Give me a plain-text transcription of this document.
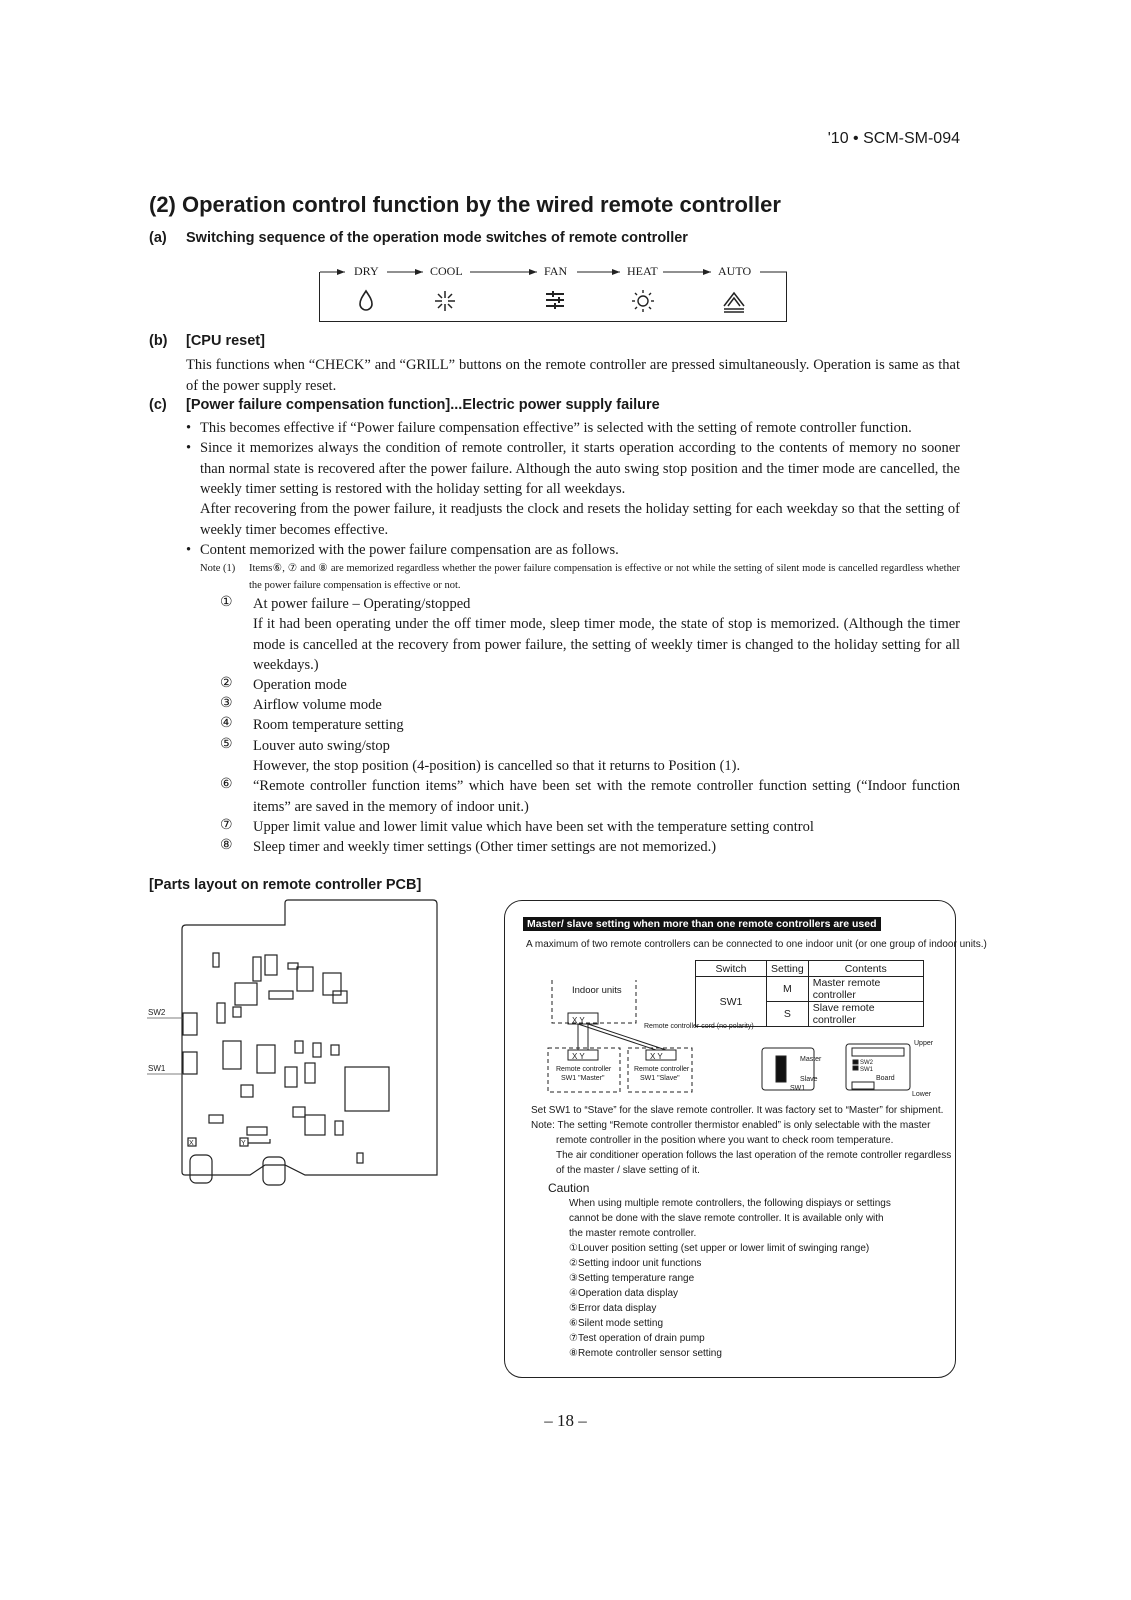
'10 • SCM-SM-094
(2) Operation control function by the wired remote controller
(a) Switching sequence of the operation mode switches of remote controller
DRY	COOL	FAN	HEAT	AUTO
(b) [CPU reset]
This functions when “CHECK” and “GRILL” buttons on the remote controller are pressed simultaneously. Operation is same as that of the power supply reset.
(c) [Power failure compensation function]...Electric power supply failure
• This becomes effective if “Power failure compensation effective” is selected with the setting of remote controller function.
• Since it memorizes always the condition of remote controller, it starts operation according to the contents of memory no sooner than normal state is recovered after the power failure. Although the auto swing stop position and the timer mode are cancelled, the weekly timer setting is restored with the holiday setting for all weekdays.
After recovering from the power failure, it readjusts the clock and resets the holiday setting for each weekday so that the setting of weekly timer becomes effective.
• Content memorized with the power failure compensation are as follows.
Note (1) Items⑥, ⑦ and ⑧ are memorized regardless whether the power failure compensation is effective or not while the setting of silent mode is cancelled regardless whether the power failure compensation is effective or not.
① At power failure – Operating/stopped
If it had been operating under the off timer mode, sleep timer mode, the state of stop is memorized. (Although the timer mode is cancelled at the recovery from power failure, the setting of weekly timer is changed to the holiday setting for all weekdays.)
② Operation mode
③ Airflow volume mode
④ Room temperature setting
⑤ Louver auto swing/stop
However, the stop position (4-position) is cancelled so that it returns to Position (1).
⑥ “Remote controller function items” which have been set with the remote controller function setting (“Indoor function items” are saved in the memory of indoor unit.)
⑦ Upper limit value and lower limit value which have been set with the temperature setting control
⑧ Sleep timer and weekly timer settings (Other timer settings are not memorized.)
[Parts layout on remote controller PCB]
SW2
SW1
X	Y
Master/ slave setting when more than one remote controllers are used
A maximum of two remote controllers can be connected to one indoor unit (or one group of indoor units.)
Switch	Setting	Contents
SW1	M	Master remote controller
	S	Slave remote controller
X Y
X Y	X Y
Indoor units
Remote controller cord (no polarity)
Remote controller
SW1 "Master"
Remote controller
SW1 "Slave"
Master
Slave
SW1
Upper
Lower
SW2
SW1
Board
Set SW1 to “Stave” for the slave remote controller. It was factory set to “Master” for shipment.
Note: The setting “Remote controller thermistor enabled” is only selectable with the master
remote controller in the position where you want to check room temperature.
The air conditioner operation follows the last operation of the remote controller regardless
of the master / slave setting of it.
Caution
When using multiple remote controllers, the following dispiays or settings
cannot be done with the slave remote controller. It is available only with
the master remote controller.
①Louver position setting (set upper or lower limit of swinging range)
②Setting indoor unit functions
③Setting temperature range
④Operation data display
⑤Error data display
⑥Silent mode setting
⑦Test operation of drain pump
⑧Remote controller sensor setting
– 18 –
